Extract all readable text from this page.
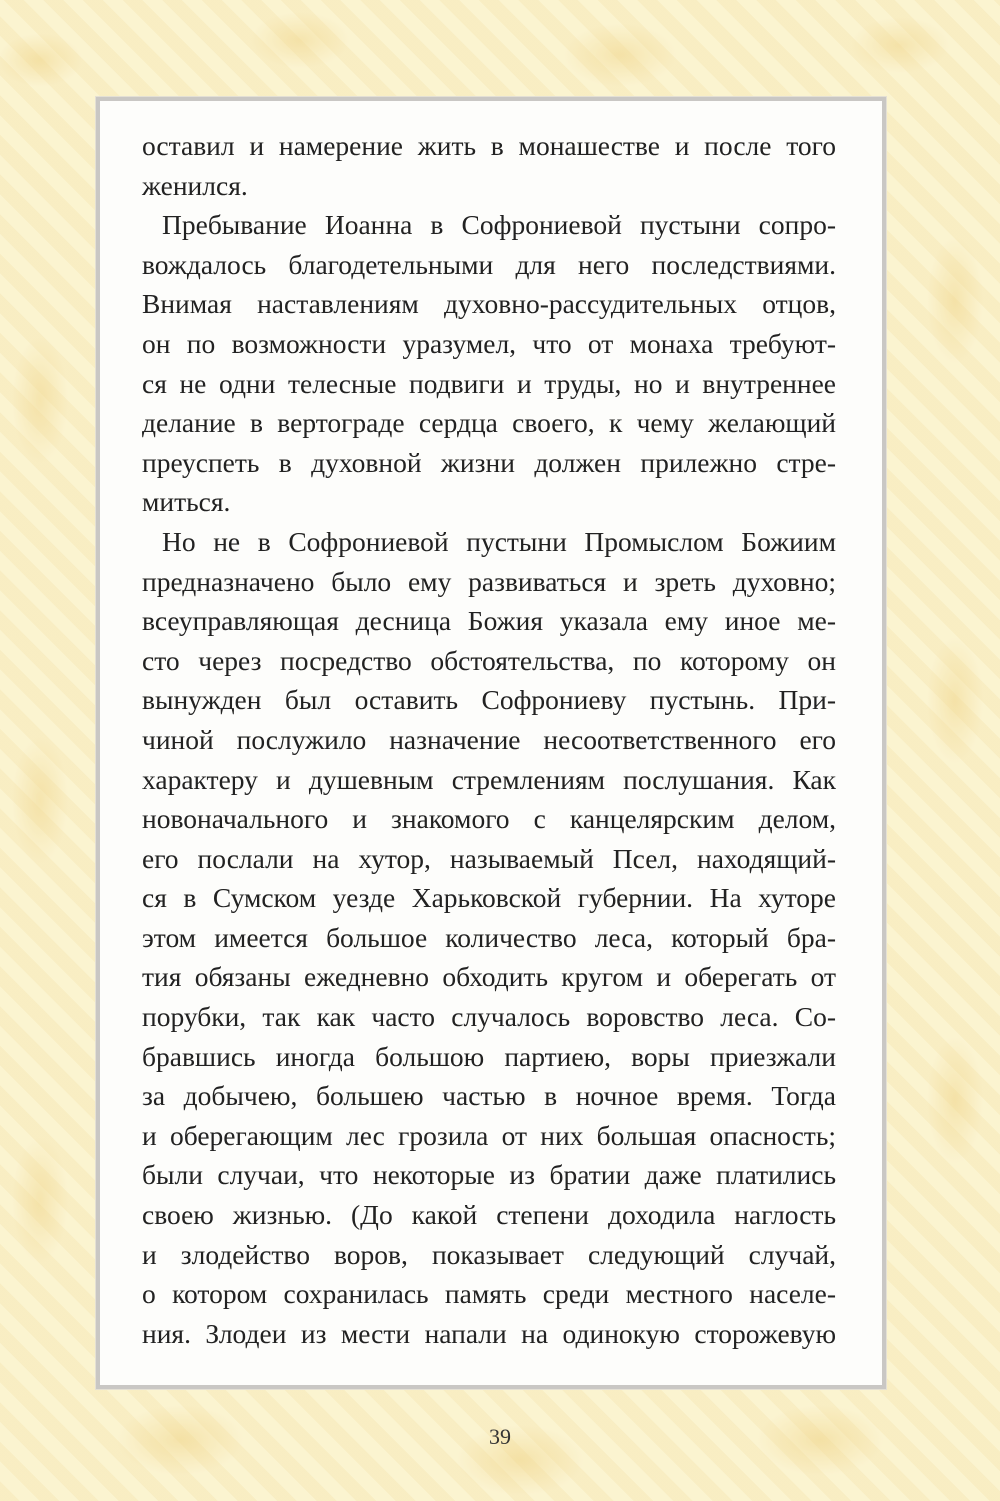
оставил и намерение жить в монашестве и после того
женился.
Пребывание Иоанна в Софрониевой пустыни сопро-
вождалось благодетельными для него последствиями.
Внимая наставлениям духовно-рассудительных отцов,
он по возможности уразумел, что от монаха требуют-
ся не одни телесные подвиги и труды, но и внутреннее
делание в вертограде сердца своего, к чему желающий
преуспеть в духовной жизни должен прилежно стре-
миться.
Но не в Софрониевой пустыни Промыслом Божиим
предназначено было ему развиваться и зреть духовно;
всеуправляющая десница Божия указала ему иное ме-
сто через посредство обстоятельства, по которому он
вынужден был оставить Софрониеву пустынь. При-
чиной послужило назначение несоответственного его
характеру и душевным стремлениям послушания. Как
новоначального и знакомого с канцелярским делом,
его послали на хутор, называемый Псел, находящий-
ся в Сумском уезде Харьковской губернии. На хуторе
этом имеется большое количество леса, который бра-
тия обязаны ежедневно обходить кругом и оберегать от
порубки, так как часто случалось воровство леса. Со-
бравшись иногда большою партиею, воры приезжали
за добычею, большею частью в ночное время. Тогда
и оберегающим лес грозила от них большая опасность;
были случаи, что некоторые из братии даже платились
своею жизнью. (До какой степени доходила наглость
и злодейство воров, показывает следующий случай,
о котором сохранилась память среди местного населе-
ния. Злодеи из мести напали на одинокую сторожевую
39
